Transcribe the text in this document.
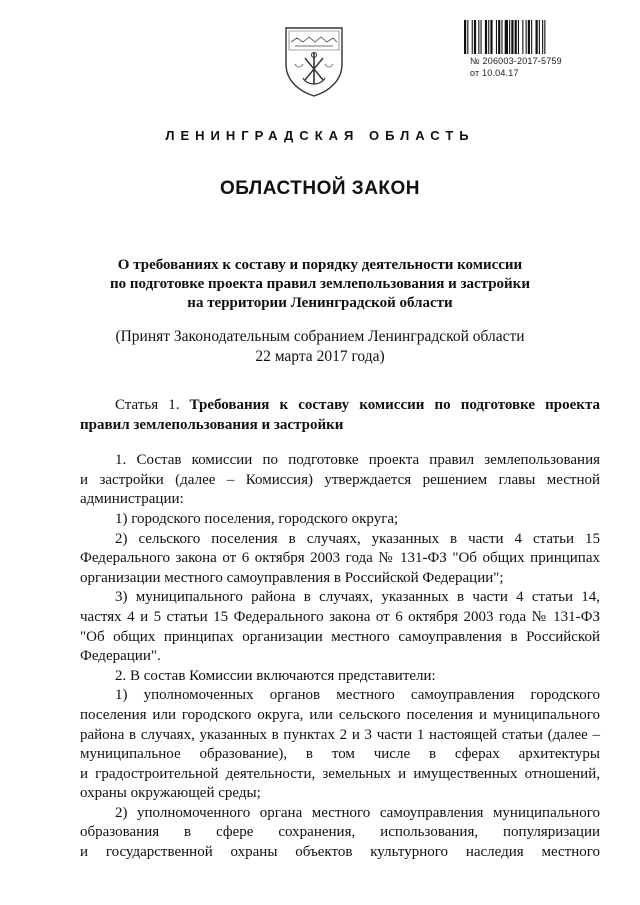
№ 206003-2017-5759
от 10.04.17
ЛЕНИНГРАДСКАЯ ОБЛАСТЬ
ОБЛАСТНОЙ ЗАКОН
О требованиях к составу и порядку деятельности комиссии
по подготовке проекта правил землепользования и застройки
на территории Ленинградской области
(Принят Законодательным собранием Ленинградской области
22 марта 2017 года)
Статья 1. Требования к составу комиссии по подготовке проекта
правил землепользования и застройки
1. Состав комиссии по подготовке проекта правил землепользования
и застройки (далее – Комиссия) утверждается решением главы местной
администрации:
1) городского поселения, городского округа;
2) сельского поселения в случаях, указанных в части 4 статьи 15
Федерального закона от 6 октября 2003 года № 131-ФЗ "Об общих принципах
организации местного самоуправления в Российской Федерации";
3) муниципального района в случаях, указанных в части 4 статьи 14,
частях 4 и 5 статьи 15 Федерального закона от 6 октября 2003 года № 131-ФЗ
"Об общих принципах организации местного самоуправления в Российской
Федерации".
2. В состав Комиссии включаются представители:
1) уполномоченных органов местного самоуправления городского
поселения или городского округа, или сельского поселения и муниципального
района в случаях, указанных в пунктах 2 и 3 части 1 настоящей статьи (далее –
муниципальное образование), в том числе в сферах архитектуры
и градостроительной деятельности, земельных и имущественных отношений,
охраны окружающей среды;
2) уполномоченного органа местного самоуправления муниципального
образования в сфере сохранения, использования, популяризации
и государственной охраны объектов культурного наследия местного
